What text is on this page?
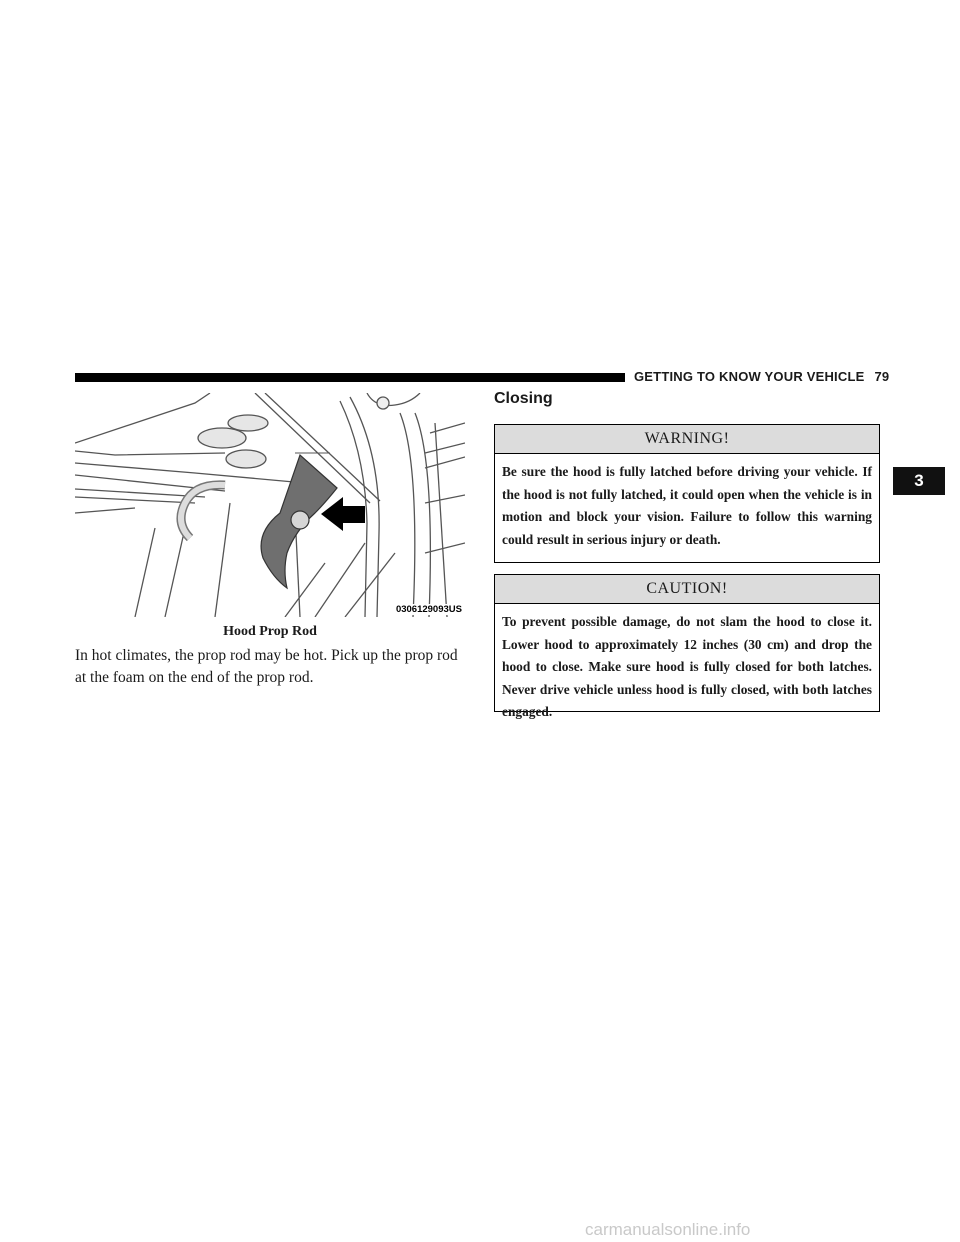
GETTING TO KNOW YOUR VEHICLE 79
3
0306129093US
Hood Prop Rod

In hot climates, the prop rod may be hot. Pick up the prop rod at the foam on the end of the prop rod.

Closing
WARNING!

Be sure the hood is fully latched before driving your vehicle. If the hood is not fully latched, it could open when the vehicle is in motion and block your vision. Failure to follow this warning could result in serious injury or death.

CAUTION!

To prevent possible damage, do not slam the hood to close it. Lower hood to approximately 12 inches (30 cm) and drop the hood to close. Make sure hood is fully closed for both latches. Never drive vehicle unless hood is fully closed, with both latches engaged.

carmanualsonline.info
